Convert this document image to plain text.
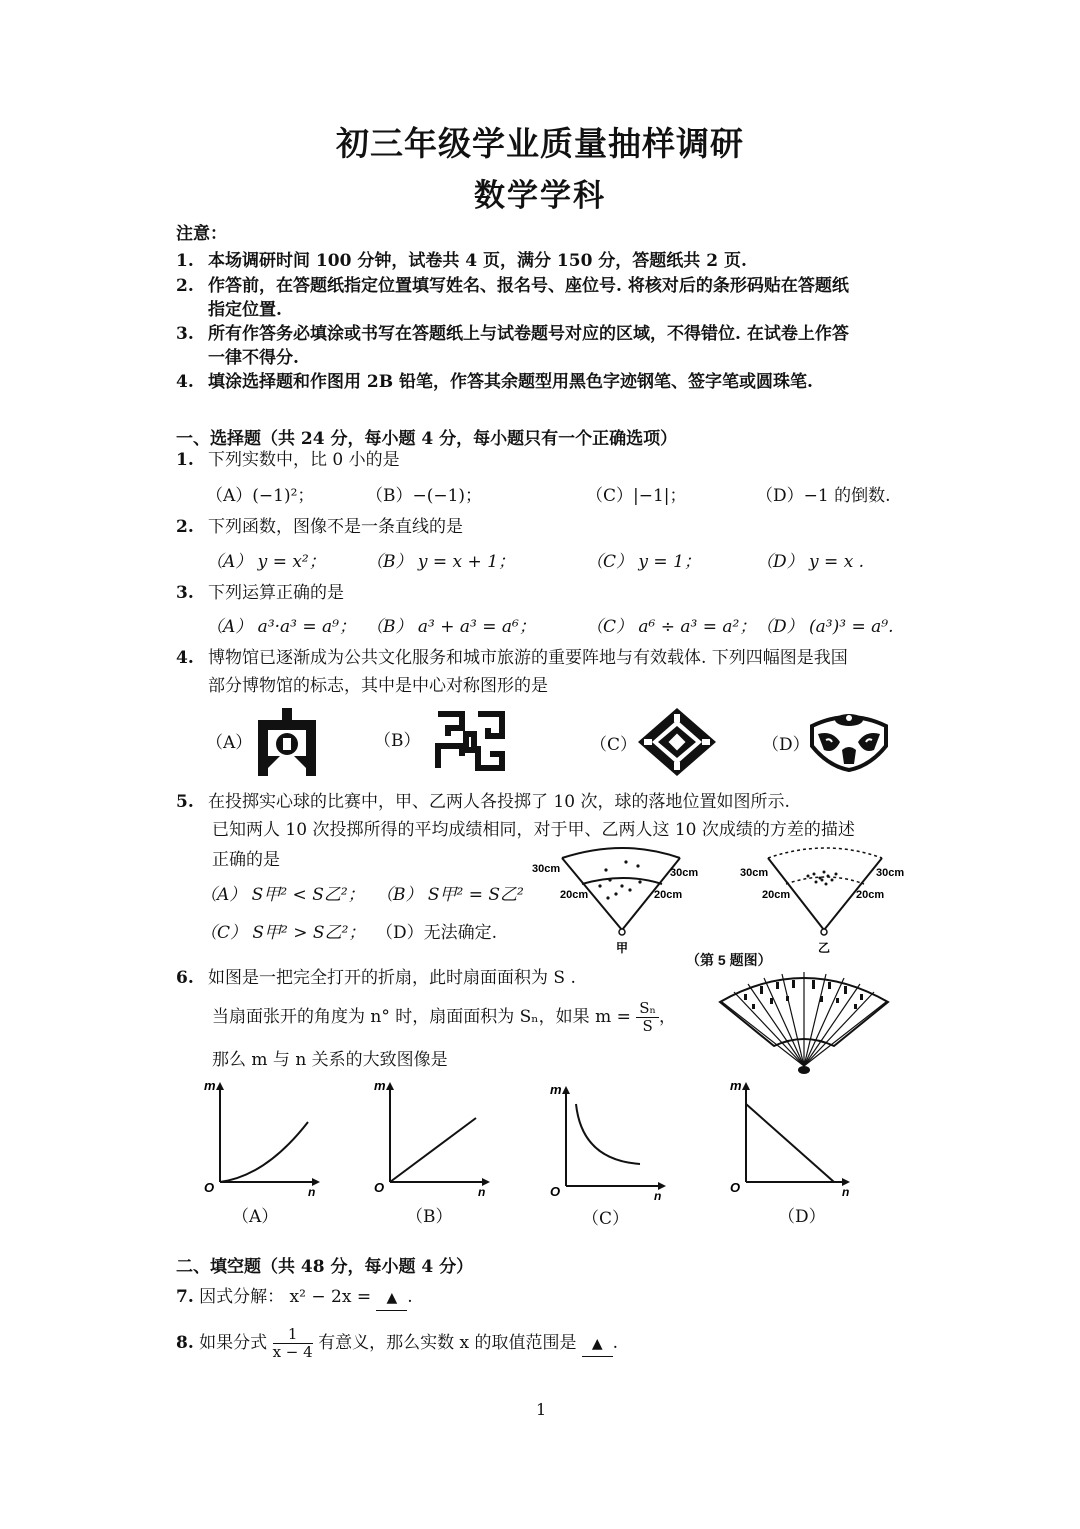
初三年级学业质量抽样调研
数学学科
注意：
1. 本场调研时间 100 分钟，试卷共 4 页，满分 150 分，答题纸共 2 页.
2. 作答前，在答题纸指定位置填写姓名、报名号、座位号. 将核对后的条形码贴在答题纸
指定位置.
3. 所有作答务必填涂或书写在答题纸上与试卷题号对应的区域，不得错位. 在试卷上作答
一律不得分.
4. 填涂选择题和作图用 2B 铅笔，作答其余题型用黑色字迹钢笔、签字笔或圆珠笔.
一、选择题（共 24 分，每小题 4 分，每小题只有一个正确选项）
1. 下列实数中，比 0 小的是
（A）(−1)²；	（B）−(−1)；	（C）|−1|；	（D）−1 的倒数.
2. 下列函数，图像不是一条直线的是
（A） y = x²； （B） y = x + 1；	（C） y = 1；	（D） y = x .
3. 下列运算正确的是
（A） a³·a³ = a⁹； （B） a³ + a³ = a⁶；	（C） a⁶ ÷ a³ = a²； （D） (a³)³ = a⁹.
4. 博物馆已逐渐成为公共文化服务和城市旅游的重要阵地与有效载体. 下列四幅图是我国
部分博物馆的标志，其中是中心对称图形的是
（A）	（B）	（C）	（D）
5. 在投掷实心球的比赛中，甲、乙两人各投掷了 10 次，球的落地位置如图所示.
已知两人 10 次投掷所得的平均成绩相同，对于甲、乙两人这 10 次成绩的方差的描述
正确的是
（A） S甲² < S乙²； （B） S甲² = S乙²
（C） S甲² > S乙²； （D）无法确定.
30cm	30cm
20cm	20cm
甲
30cm	30cm
20cm	20cm
乙
（第 5 题图）
6. 如图是一把完全打开的折扇，此时扇面面积为 S .
当扇面张开的角度为 n° 时，扇面面积为 Sₙ，如果 $m = \frac{\text{Sₙ}}{S}$ ，
那么 m 与 n 关系的大致图像是
m
n
O
m
n
O
m
n
O
m
n
O
（A）	（B）	（C）	（D）
二、填空题（共 48 分，每小题 4 分）
7. 因式分解： x² − 2x = ▲ .
8. 如果分式 $\frac{1}{x - 4}$ 有意义，那么实数 x 的取值范围是 ▲ .
1
